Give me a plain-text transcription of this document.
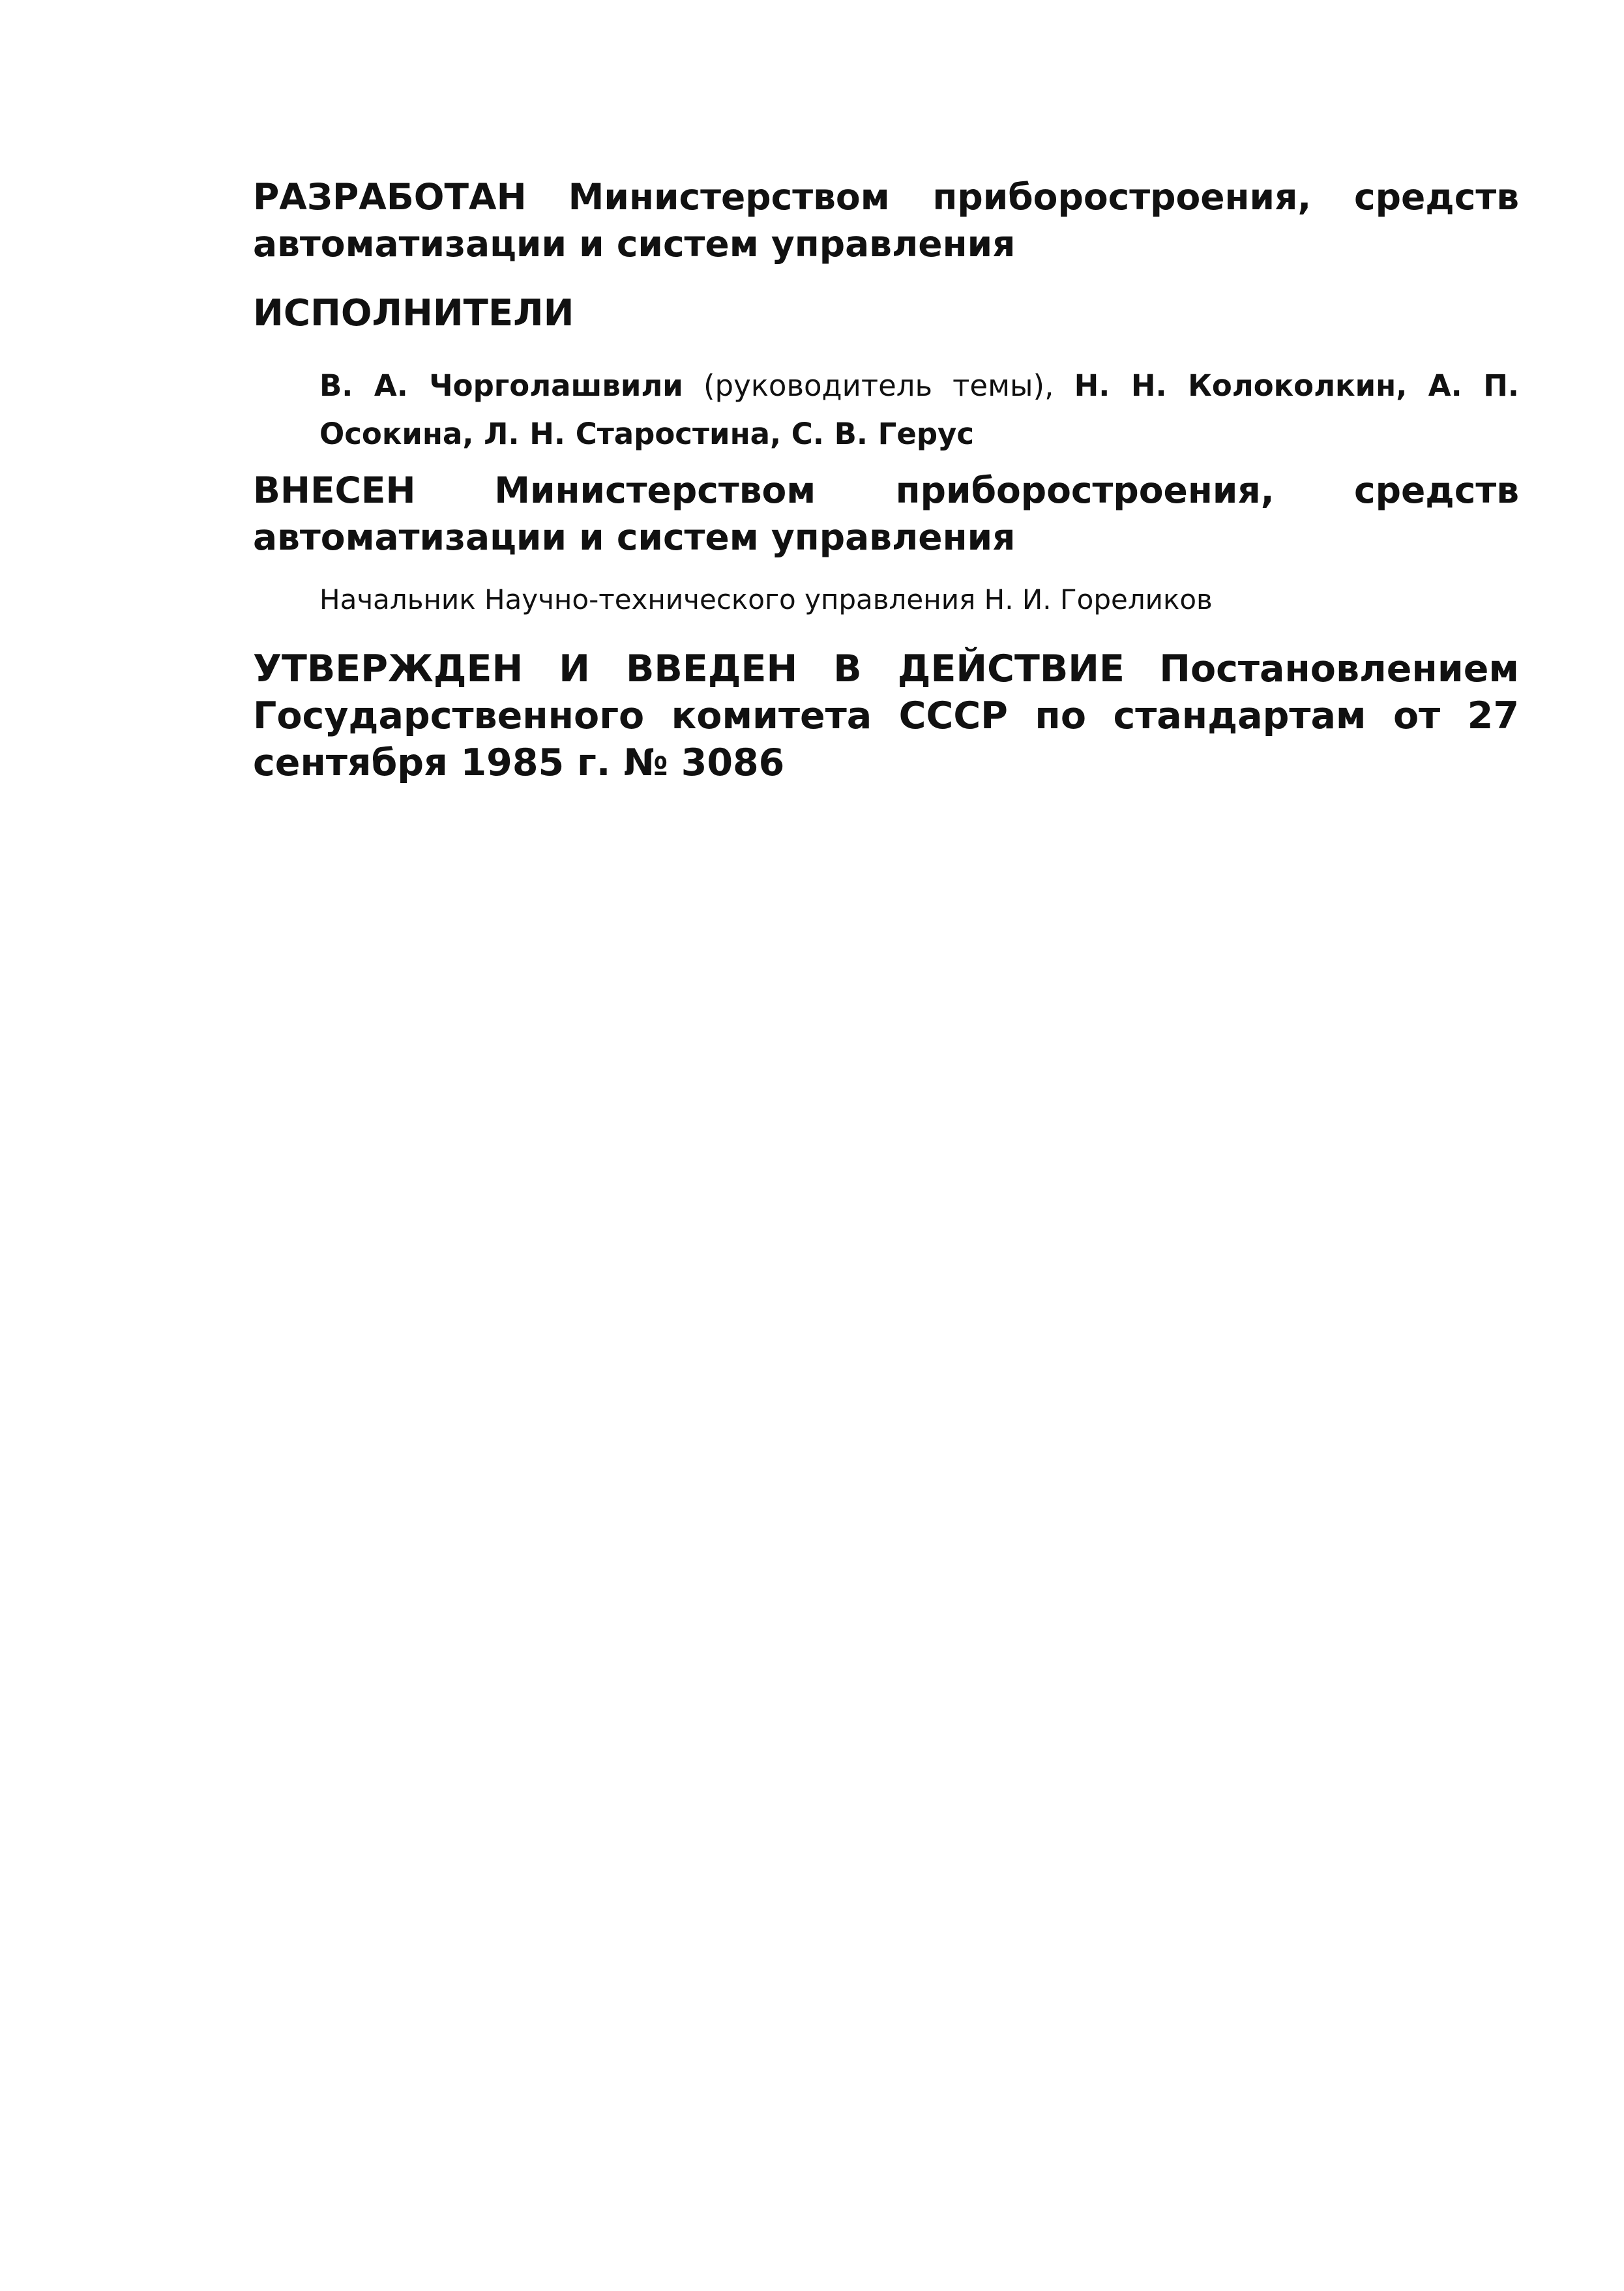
РАЗРАБОТАН Министерством приборостроения, средств автоматизации и систем управления

ИСПОЛНИТЕЛИ

В. А. Чорголашвили (руководитель темы), Н. Н. Колоколкин, А. П. Осокина, Л. Н. Старостина, С. В. Герус

ВНЕСЕН Министерством приборостроения, средств автоматизации и систем управления

Начальник Научно-технического управления Н. И. Гореликов

УТВЕРЖДЕН И ВВЕДЕН В ДЕЙСТВИЕ Постановлением Государственного комитета СССР по стандартам от 27 сентября 1985 г. № 3086
